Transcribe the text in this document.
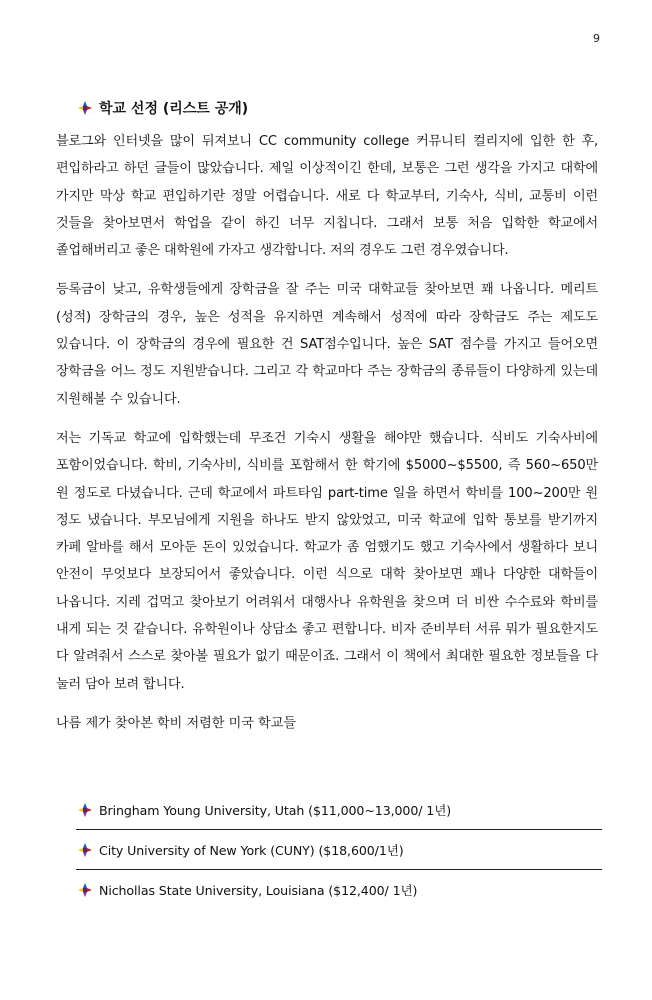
9
학교 선정 (리스트 공개)

블로그와 인터넷을 많이 뒤져보니 CC community college 커뮤니티 컬리지에 입한 한 후, 편입하라고 하던 글들이 많았습니다. 제일 이상적이긴 한데, 보통은 그런 생각을 가지고 대학에 가지만 막상 학교 편입하기란 정말 어렵습니다. 새로 다 학교부터, 기숙사, 식비, 교통비 이런 것들을 찾아보면서 학업을 같이 하긴 너무 지칩니다. 그래서 보통 처음 입학한 학교에서 졸업해버리고 좋은 대학원에 가자고 생각합니다. 저의 경우도 그런 경우였습니다.

등록금이 낮고, 유학생들에게 장학금을 잘 주는 미국 대학교들 찾아보면 꽤 나옵니다. 메리트 (성적) 장학금의 경우, 높은 성적을 유지하면 계속해서 성적에 따라 장학금도 주는 제도도 있습니다. 이 장학금의 경우에 필요한 건 SAT점수입니다. 높은 SAT 점수를 가지고 들어오면 장학금을 어느 정도 지원받습니다. 그리고 각 학교마다 주는 장학금의 종류들이 다양하게 있는데 지원해볼 수 있습니다.

저는 기독교 학교에 입학했는데 무조건 기숙시 생활을 해야만 했습니다. 식비도 기숙사비에 포함이었습니다. 학비, 기숙사비, 식비를 포함해서 한 학기에 $5000~$5500, 즉 560~650만 원 정도로 다녔습니다. 근데 학교에서 파트타임 part-time 일을 하면서 학비를 100~200만 원 정도 냈습니다. 부모님에게 지원을 하나도 받지 않았었고, 미국 학교에 입학 통보를 받기까지 카페 알바를 해서 모아둔 돈이 있었습니다. 학교가 좀 엄했기도 했고 기숙사에서 생활하다 보니 안전이 무엇보다 보장되어서 좋았습니다. 이런 식으로 대학 찾아보면 꽤나 다양한 대학들이 나옵니다. 지레 겁먹고 찾아보기 어려워서 대행사나 유학원을 찾으며 더 비싼 수수료와 학비를 내게 되는 것 같습니다. 유학원이나 상담소 좋고 편합니다. 비자 준비부터 서류 뭐가 필요한지도 다 알려줘서 스스로 찾아볼 필요가 없기 때문이죠. 그래서 이 책에서 최대한 필요한 정보들을 다 눌러 담아 보려 합니다.

나름 제가 찾아본 학비 저렴한 미국 학교들

Bringham Young University, Utah ($11,000~13,000/ 1년)
City University of New York (CUNY) ($18,600/1년)
Nichollas State University, Louisiana ($12,400/ 1년)
